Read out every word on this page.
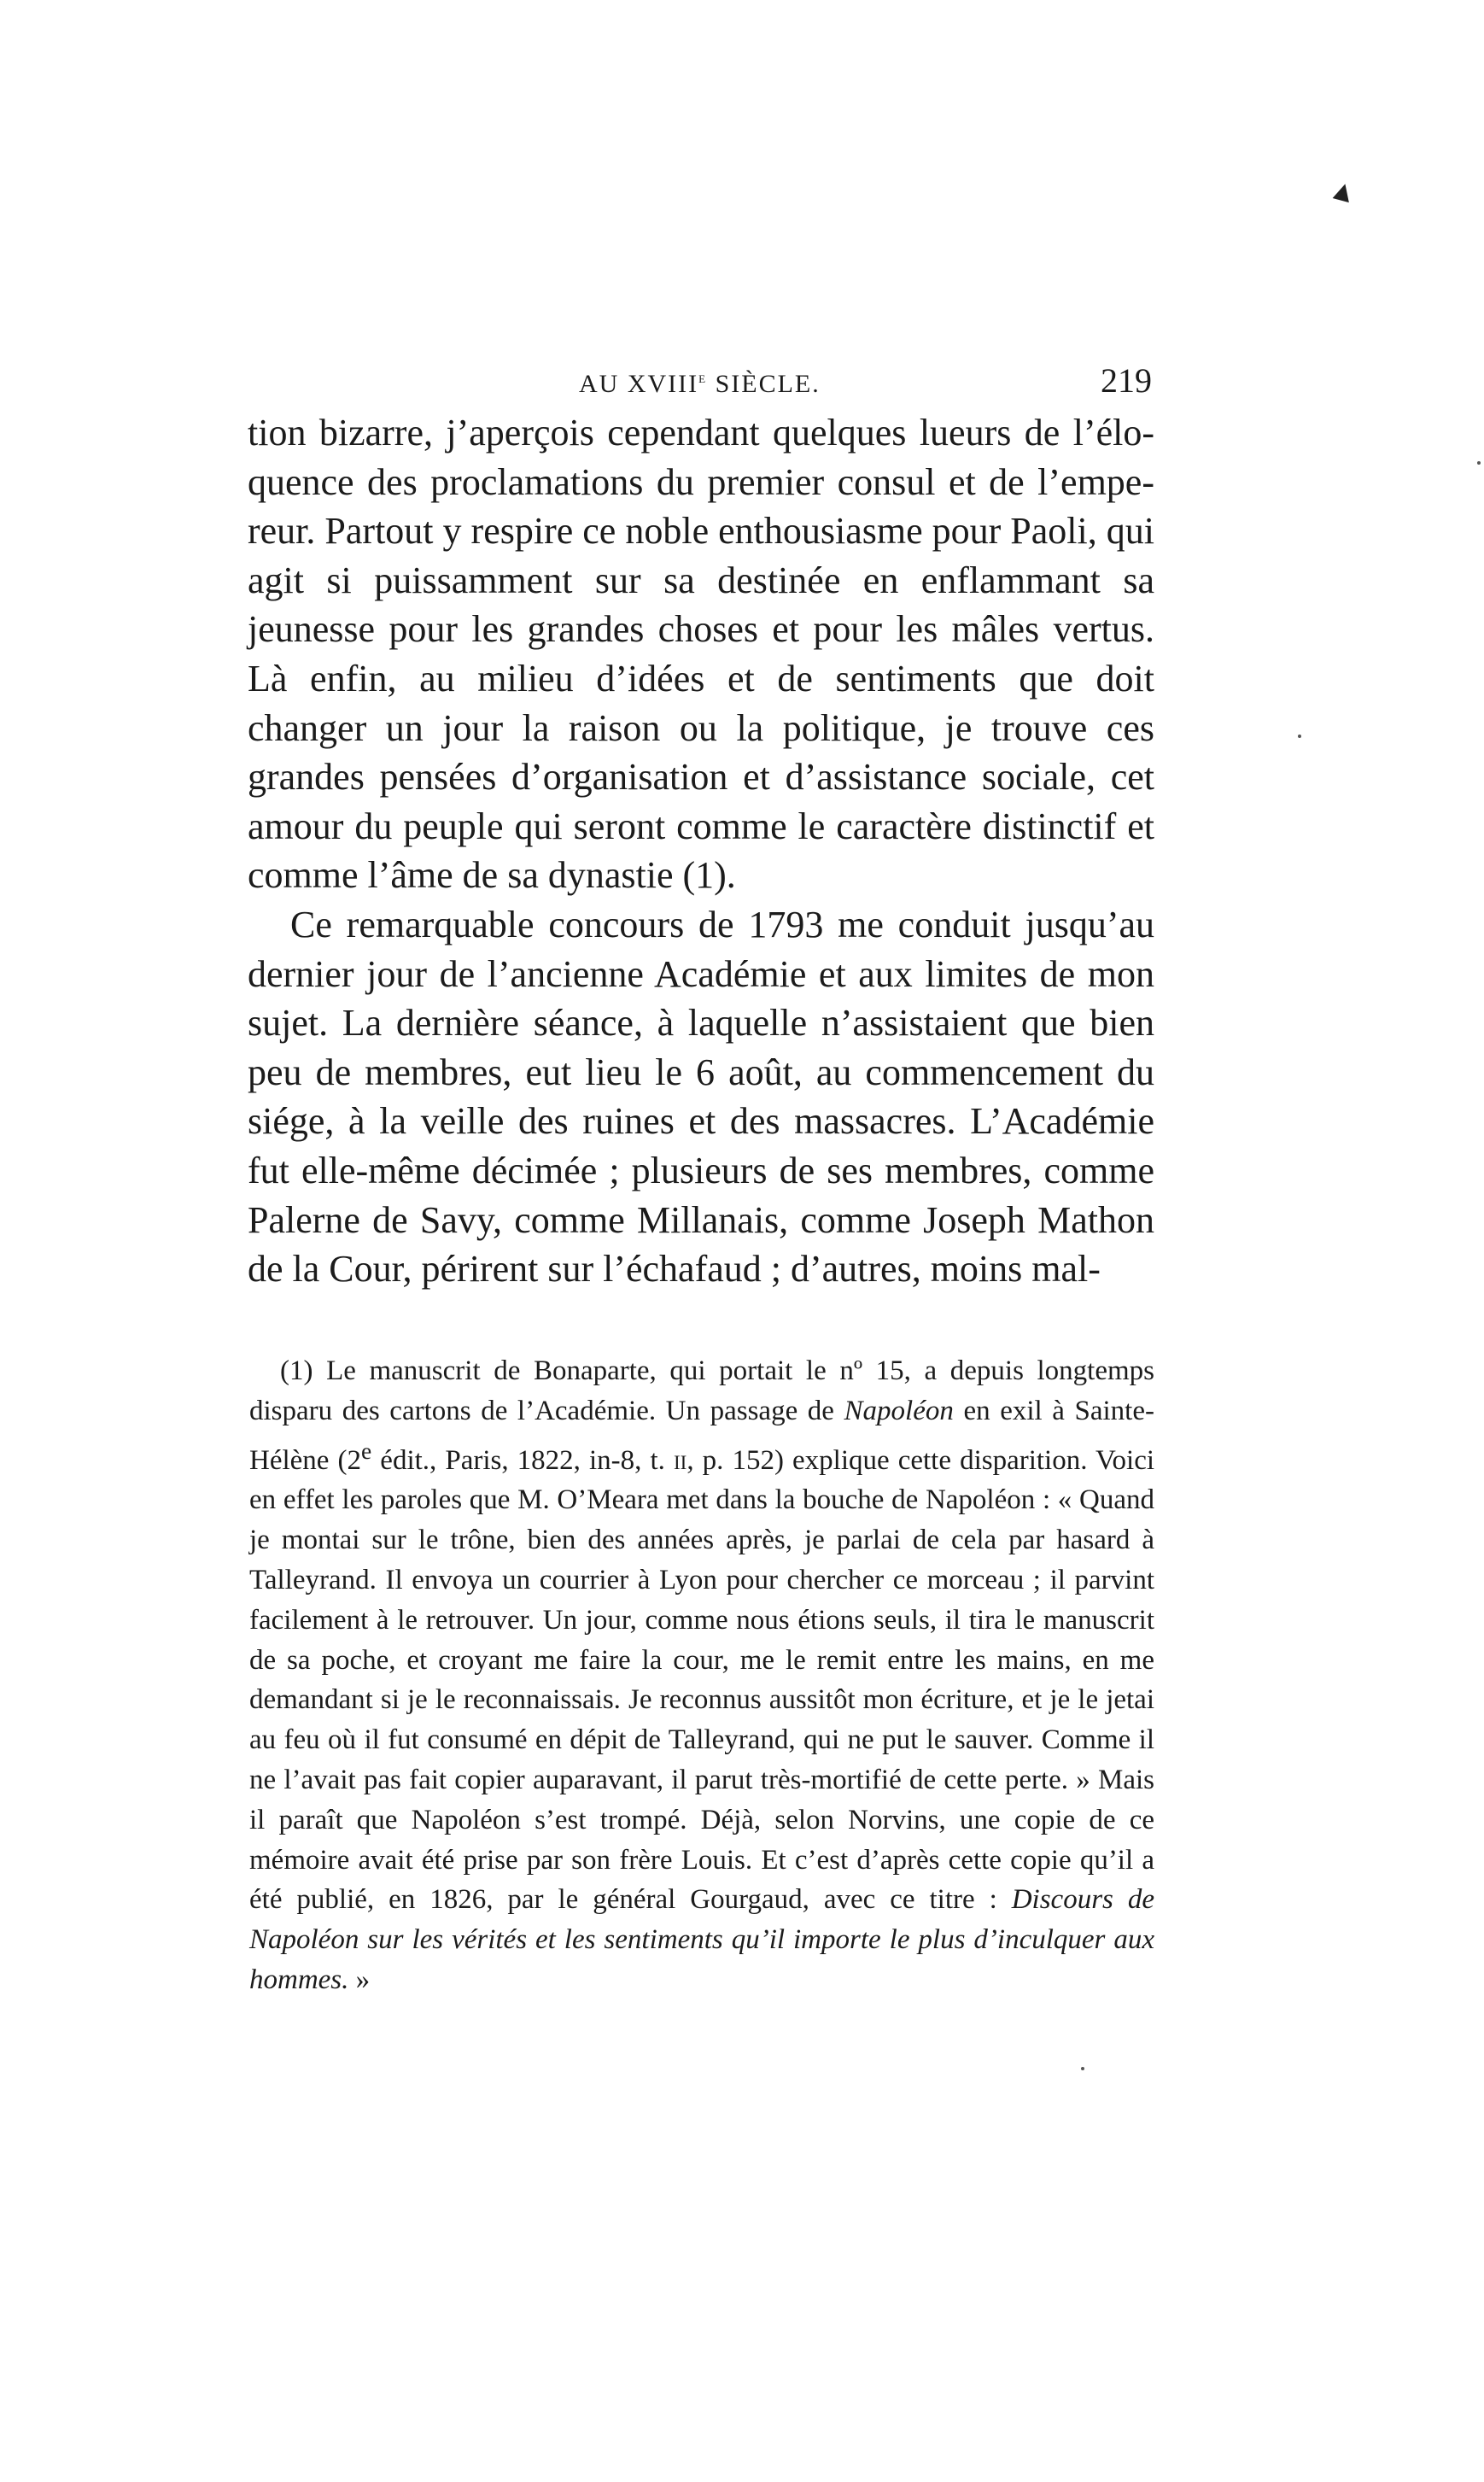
▲
AU XVIIIe SIÈCLE.	219

tion bizarre, j’aperçois cependant quelques lueurs de l’éloquence des proclamations du premier consul et de l’empereur. Partout y respire ce noble enthousiasme pour Paoli, qui agit si puissamment sur sa destinée en enflammant sa jeunesse pour les grandes choses et pour les mâles vertus. Là enfin, au milieu d’idées et de sentiments que doit changer un jour la raison ou la politique, je trouve ces grandes pensées d’organisation et d’assistance sociale, cet amour du peuple qui seront comme le caractère distinctif et comme l’âme de sa dynastie (1).

Ce remarquable concours de 1793 me conduit jusqu’au dernier jour de l’ancienne Académie et aux limites de mon sujet. La dernière séance, à laquelle n’assistaient que bien peu de membres, eut lieu le 6 août, au commencement du siége, à la veille des ruines et des massacres. L’Académie fut elle-même décimée ; plusieurs de ses membres, comme Palerne de Savy, comme Millanais, comme Joseph Mathon de la Cour, périrent sur l’échafaud ; d’autres, moins mal-

(1) Le manuscrit de Bonaparte, qui portait le nº 15, a depuis longtemps disparu des cartons de l’Académie. Un passage de Napoléon en exil à Sainte-Hélène (2e édit., Paris, 1822, in-8, t. ii, p. 152) explique cette disparition. Voici en effet les paroles que M. O’Meara met dans la bouche de Napoléon : « Quand je montai sur le trône, bien des années après, je parlai de cela par hasard à Talleyrand. Il envoya un courrier à Lyon pour chercher ce morceau ; il parvint facilement à le retrouver. Un jour, comme nous étions seuls, il tira le manuscrit de sa poche, et croyant me faire la cour, me le remit entre les mains, en me demandant si je le reconnaissais. Je reconnus aussitôt mon écriture, et je le jetai au feu où il fut consumé en dépit de Talleyrand, qui ne put le sauver. Comme il ne l’avait pas fait copier auparavant, il parut très-mortifié de cette perte. » Mais il paraît que Napoléon s’est trompé. Déjà, selon Norvins, une copie de ce mémoire avait été prise par son frère Louis. Et c’est d’après cette copie qu’il a été publié, en 1826, par le général Gourgaud, avec ce titre : Discours de Napoléon sur les vérités et les sentiments qu’il importe le plus d’inculquer aux hommes. »
